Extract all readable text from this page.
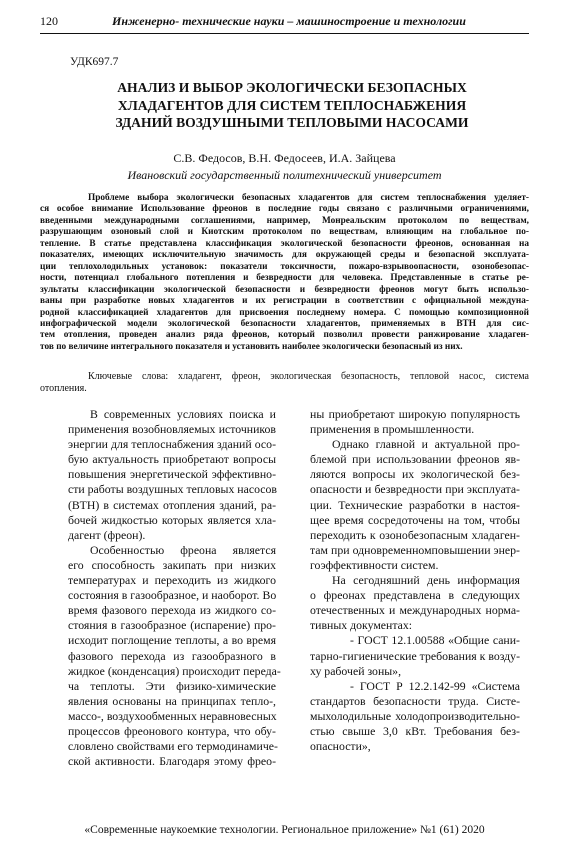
120	Инженерно- технические науки – машиностроение и технологии
УДК697.7
АНАЛИЗ И ВЫБОР ЭКОЛОГИЧЕСКИ БЕЗОПАСНЫХ
ХЛАДАГЕНТОВ ДЛЯ СИСТЕМ ТЕПЛОСНАБЖЕНИЯ
ЗДАНИЙ ВОЗДУШНЫМИ ТЕПЛОВЫМИ НАСОСАМИ
С.В. Федосов, В.Н. Федосеев, И.А. Зайцева
Ивановский государственный политехнический университет
Проблеме выбора экологически безопасных хладагентов для систем теплоснабжения уделяет-
ся особое внимание Использование фреонов в последние годы связано с различными ограничениями,
введенными международными соглашениями, например, Монреальским протоколом по веществам,
разрушающим озоновый слой и Киотским протоколом по веществам, влияющим на глобальное по-
тепление. В статье представлена классификация экологической безопасности фреонов, основанная на
показателях, имеющих исключительную значимость для окружающей среды и безопасной эксплуата-
ции теплохолодильных установок: показатели токсичности, пожаро-взрывоопасности, озонобезопас-
ности, потенциал глобального потепления и безвредности для человека. Представленные в статье ре-
зультаты классификации экологической безопасности и безвредности фреонов могут быть использо-
ваны при разработке новых хладагентов и их регистрации в соответствии с официальной междуна-
родной классификацией хладагентов для присвоения последнему номера. С помощью композиционной
инфографической модели экологической безопасности хладагентов, применяемых в ВТН для сис-
тем отопления, проведен анализ ряда фреонов, который позволил провести ранжирование хладаген-
тов по величине интегрального показателя и установить наиболее экологически безопасный из них.
Ключевые слова: хладагент, фреон, экологическая безопасность, тепловой насос, система
отопления.
В современных условиях поиска и
применения возобновляемых источников
энергии для теплоснабжения зданий осо-
бую актуальность приобретают вопросы
повышения энергетической эффективно-
сти работы воздушных тепловых насосов
(ВТН) в системах отопления зданий, ра-
бочей жидкостью которых является хла-
дагент (фреон).
Особенностью фреона является
его способность закипать при низких
температурах и переходить из жидкого
состояния в газообразное, и наоборот. Во
время фазового перехода из жидкого со-
стояния в газообразное (испарение) про-
исходит поглощение теплоты, а во время
фазового перехода из газообразного в
жидкое (конденсация) происходит переда-
ча теплоты. Эти физико-химические
явления основаны на принципах тепло-,
массо-, воздухообменных неравновесных
процессов фреонового контура, что обу-
словлено свойствами его термодинамиче-
ской активности. Благодаря этому фрео-
ны приобретают широкую популярность
применения в промышленности.
Однако главной и актуальной про-
блемой при использовании фреонов яв-
ляются вопросы их экологической без-
опасности и безвредности при эксплуата-
ции. Технические разработки в настоя-
щее время сосредоточены на том, чтобы
переходить к озонобезопасным хладаген-
там при одновременномповышении энер-
гоэффективности систем.
На сегодняшний день информация
о фреонах представлена в следующих
отечественных и международных норма-
тивных документах:
- ГОСТ 12.1.00588 «Общие сани-
тарно-гигиенические требования к возду-
ху рабочей зоны»,
- ГОСТ Р 12.2.142-99 «Система
стандартов безопасности труда. Систе-
мыхолодильные холодопроизводительно-
стью свыше 3,0 кВт. Требования без-
опасности»,
«Современные наукоемкие технологии. Региональное приложение» №1 (61) 2020
